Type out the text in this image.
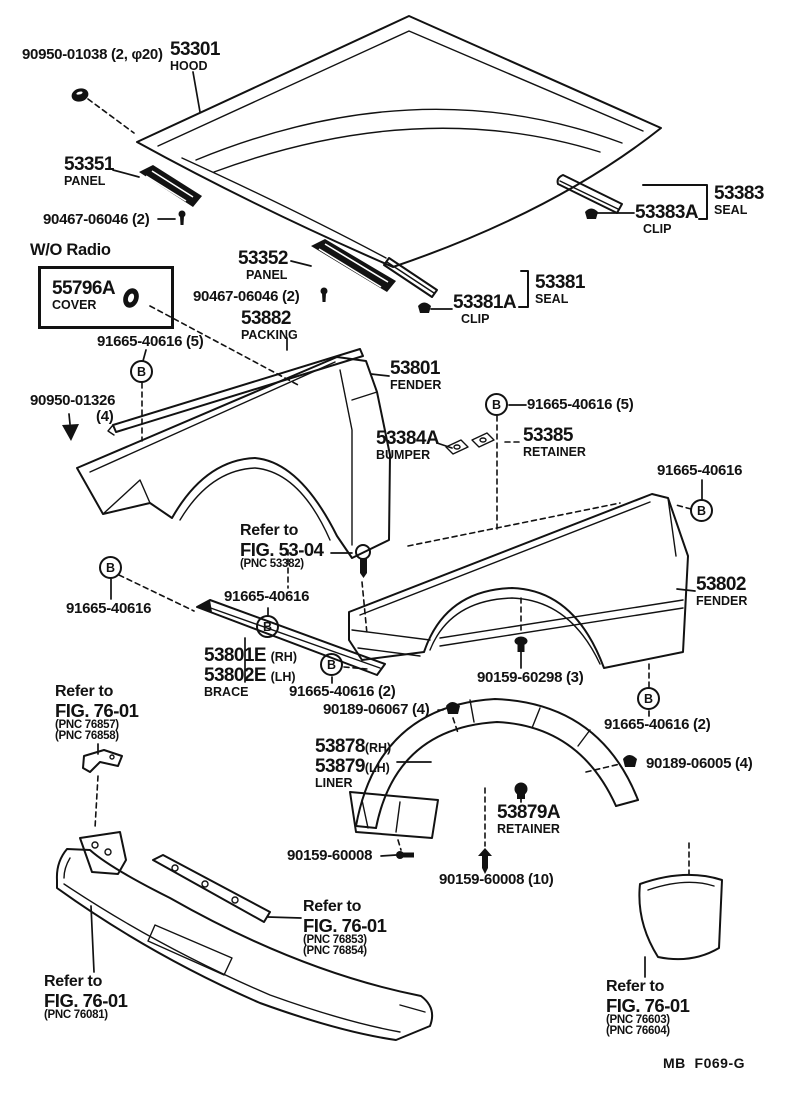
90950-01038 (2, φ20) 53301
HOOD
53351
PANEL
90467-06046 (2)
W/O Radio
55796A
COVER
53352
PANEL
90467-06046 (2)
53383
SEAL
53383A
CLIP
53381
SEAL
53381A
CLIP
53882
PACKING
91665-40616 (5)
90950-01326
(4)
53801
FENDER
91665-40616 (5)
53384A
BUMPER
53385
RETAINER
91665-40616
Refer to
FIG. 53-04
(PNC 53382)
53802
FENDER
91665-40616
91665-40616
53801E (RH)
53802E (LH)
BRACE	91665-40616 (2)
90189-06067 (4)
90159-60298 (3)
91665-40616 (2)
Refer to
FIG. 76-01
(PNC 76857)
(PNC 76858)	53878(RH)
53879(LH)
LINER
90189-06005 (4)
53879A
RETAINER
90159-60008
90159-60008 (10)
Refer to
FIG. 76-01
(PNC 76853)
(PNC 76854)
Refer to
FIG. 76-01
(PNC 76081)
Refer to
FIG. 76-01
(PNC 76603)
(PNC 76604)
B
B
B
B
B
B
B
MB  F069-G
